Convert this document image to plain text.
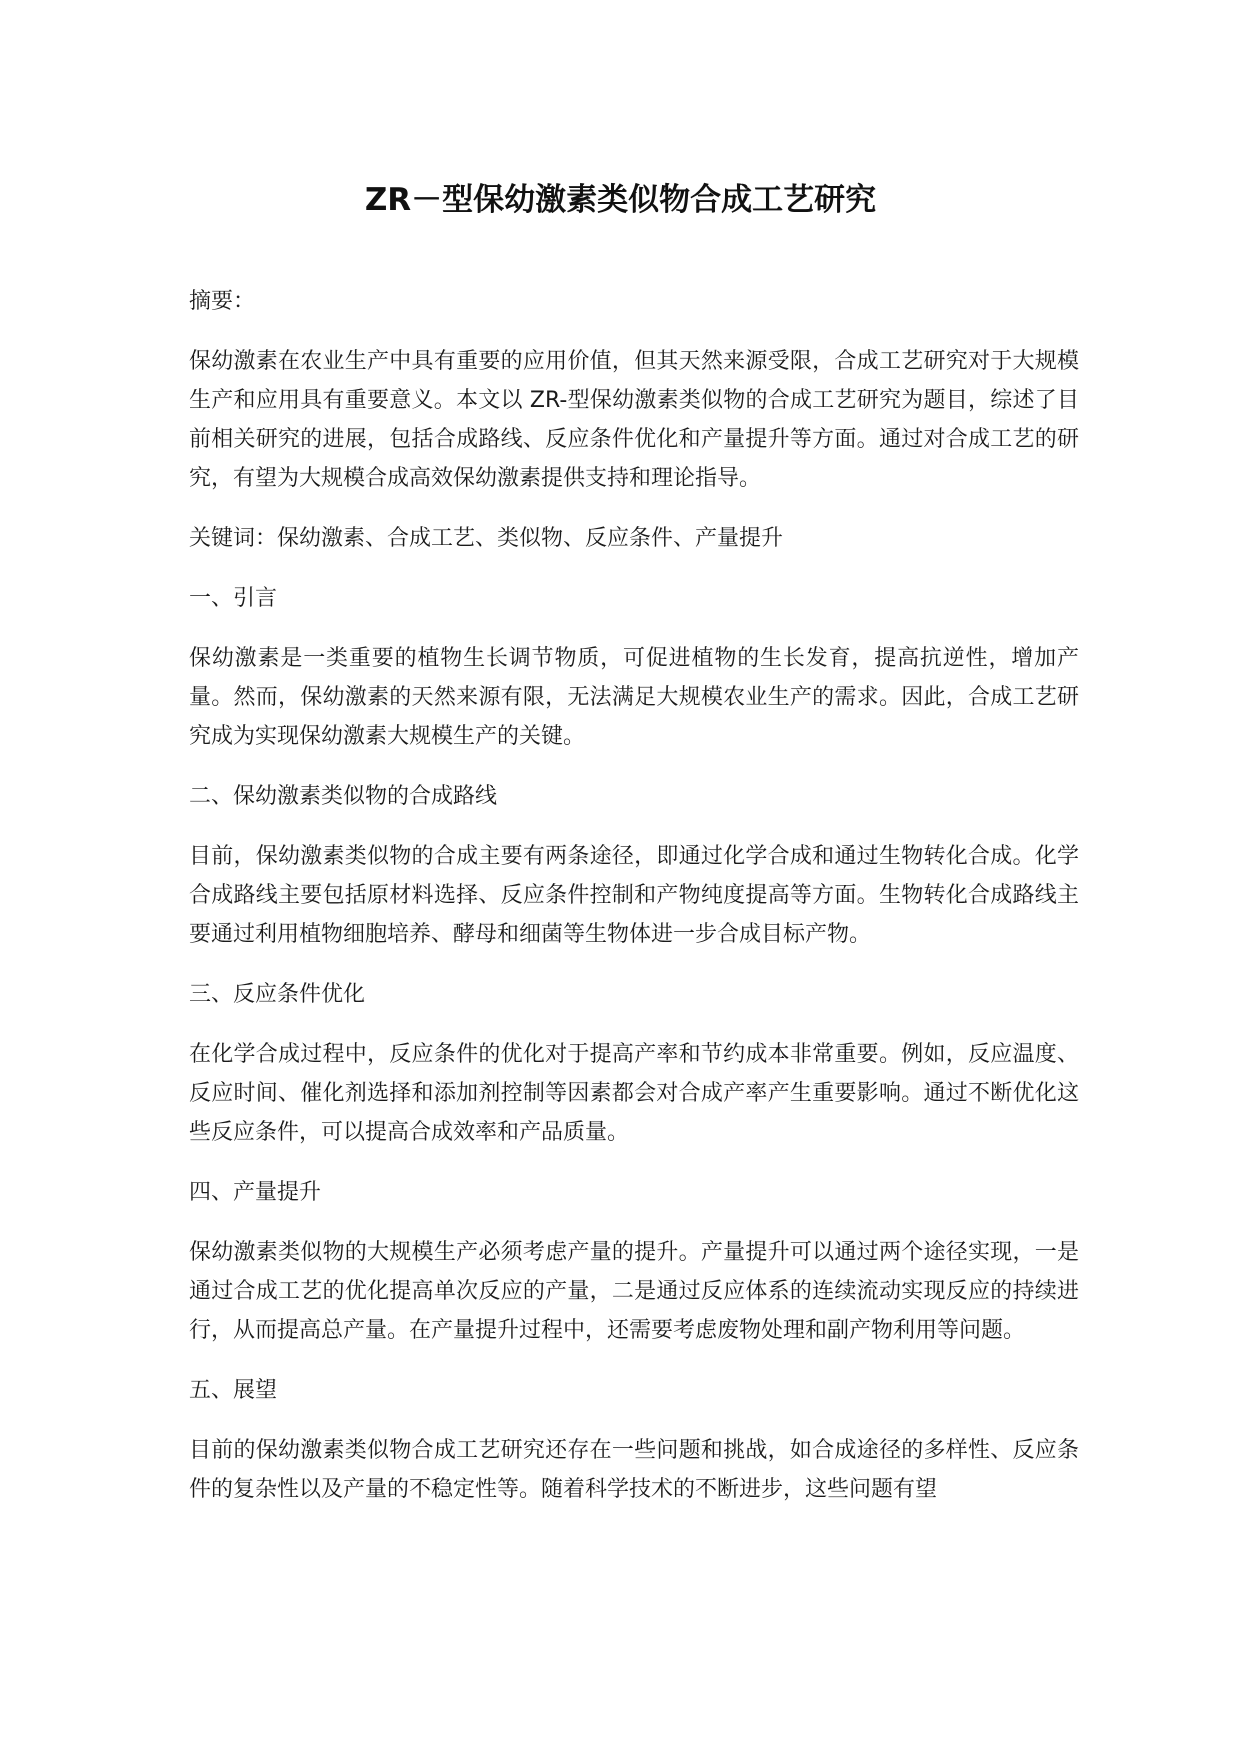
ZR－型保幼激素类似物合成工艺研究

摘要：

保幼激素在农业生产中具有重要的应用价值，但其天然来源受限，合成工艺研究对于大规模生产和应用具有重要意义。本文以 ZR-型保幼激素类似物的合成工艺研究为题目，综述了目前相关研究的进展，包括合成路线、反应条件优化和产量提升等方面。通过对合成工艺的研究，有望为大规模合成高效保幼激素提供支持和理论指导。

关键词：保幼激素、合成工艺、类似物、反应条件、产量提升

一、引言

保幼激素是一类重要的植物生长调节物质，可促进植物的生长发育，提高抗逆性，增加产量。然而，保幼激素的天然来源有限，无法满足大规模农业生产的需求。因此，合成工艺研究成为实现保幼激素大规模生产的关键。

二、保幼激素类似物的合成路线

目前，保幼激素类似物的合成主要有两条途径，即通过化学合成和通过生物转化合成。化学合成路线主要包括原材料选择、反应条件控制和产物纯度提高等方面。生物转化合成路线主要通过利用植物细胞培养、酵母和细菌等生物体进一步合成目标产物。

三、反应条件优化

在化学合成过程中，反应条件的优化对于提高产率和节约成本非常重要。例如，反应温度、反应时间、催化剂选择和添加剂控制等因素都会对合成产率产生重要影响。通过不断优化这些反应条件，可以提高合成效率和产品质量。

四、产量提升

保幼激素类似物的大规模生产必须考虑产量的提升。产量提升可以通过两个途径实现，一是通过合成工艺的优化提高单次反应的产量，二是通过反应体系的连续流动实现反应的持续进行，从而提高总产量。在产量提升过程中，还需要考虑废物处理和副产物利用等问题。

五、展望

目前的保幼激素类似物合成工艺研究还存在一些问题和挑战，如合成途径的多样性、反应条件的复杂性以及产量的不稳定性等。随着科学技术的不断进步，这些问题有望
